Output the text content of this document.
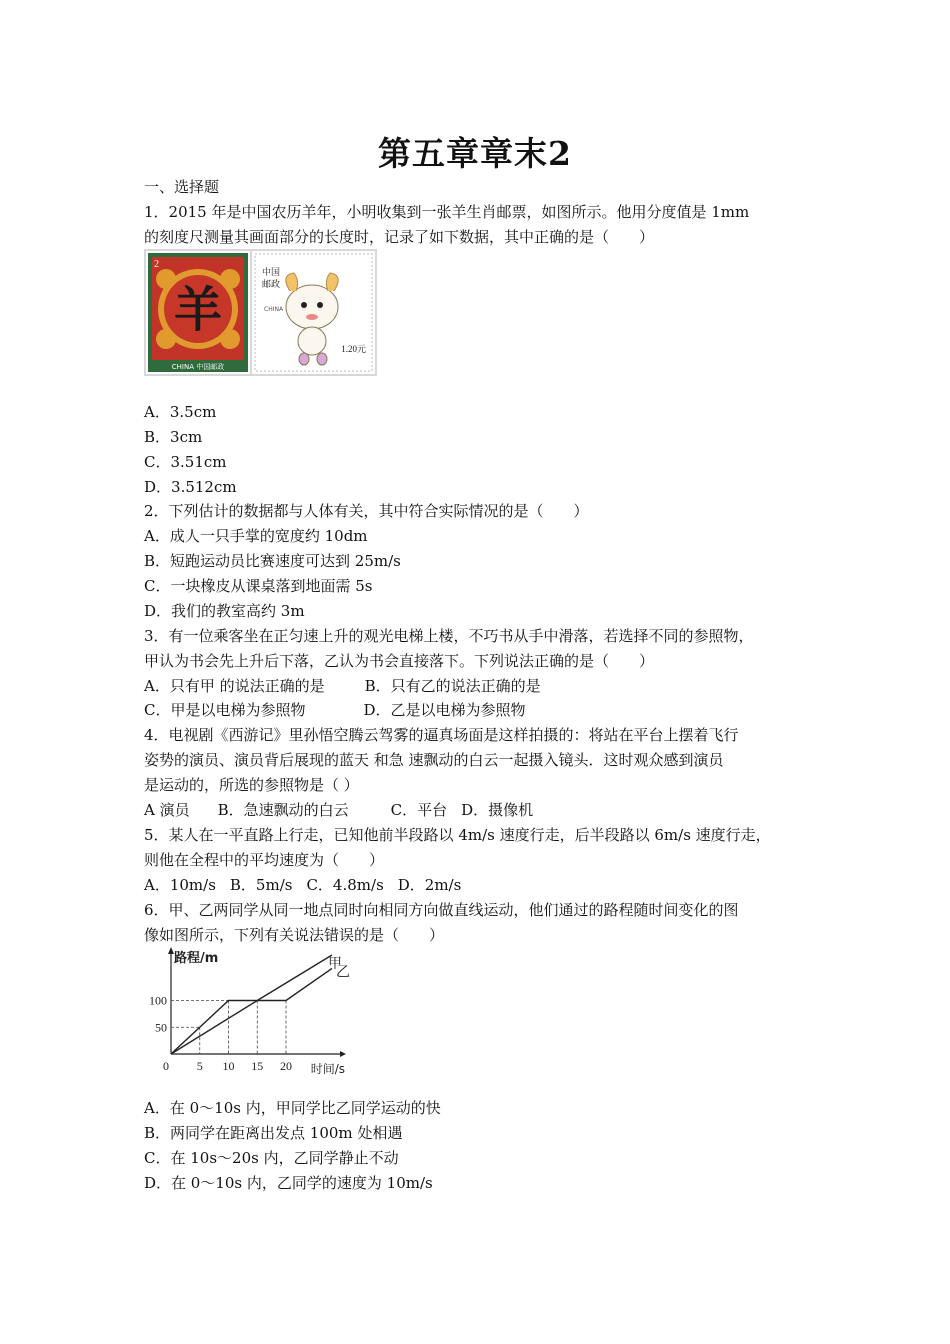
第五章章末2
一、选择题
1．2015 年是中国农历羊年，小明收集到一张羊生肖邮票，如图所示。他用分度值是 1mm
的刻度尺测量其画面部分的长度时，记录了如下数据，其中正确的是（　　）
2
羊
CHINA 中国邮政
中国邮政
CHINA
1.20元
A．3.5cm
B．3cm
C．3.51cm
D．3.512cm
2．下列估计的数据都与人体有关，其中符合实际情况的是（　　）
A．成人一只手掌的宽度约 10dm
B．短跑运动员比赛速度可达到 25m/s
C．一块橡皮从课桌落到地面需 5s
D．我们的教室高约 3m
3．有一位乘客坐在正匀速上升的观光电梯上楼，不巧书从手中滑落，若选择不同的参照物，
甲认为书会先上升后下落，乙认为书会直接落下。下列说法正确的是（　　）
A．只有甲 的说法正确的是	B．只有乙的说法正确的是
C．甲是以电梯为参照物	D．乙是以电梯为参照物
4．电视剧《西游记》里孙悟空腾云驾雾的逼真场面是这样拍摄的：将站在平台上摆着飞行
姿势的演员、演员背后展现的蓝天 和急 速飘动的白云一起摄入镜头．这时观众感到演员
是运动的，所选的参照物是（ ）
A 演员 B．急速飘动的白云	C．平台 D．摄像机
5．某人在一平直路上行走，已知他前半段路以 4m/s 速度行走，后半段路以 6m/s 速度行走，
则他在全程中的平均速度为（　　）
A．10m/s B．5m/s C．4.8m/s D．2m/s
6．甲、乙两同学从同一地点同时向相同方向做直线运动，他们通过的路程随时间变化的图
像如图所示，下列有关说法错误的是（　　）
甲
乙
0 5 10 15 20
50
100
路程/m
时间/s
A．在 0～10s 内，甲同学比乙同学运动的快
B．两同学在距离出发点 100m 处相遇
C．在 10s～20s 内，乙同学静止不动
D．在 0～10s 内，乙同学的速度为 10m/s
